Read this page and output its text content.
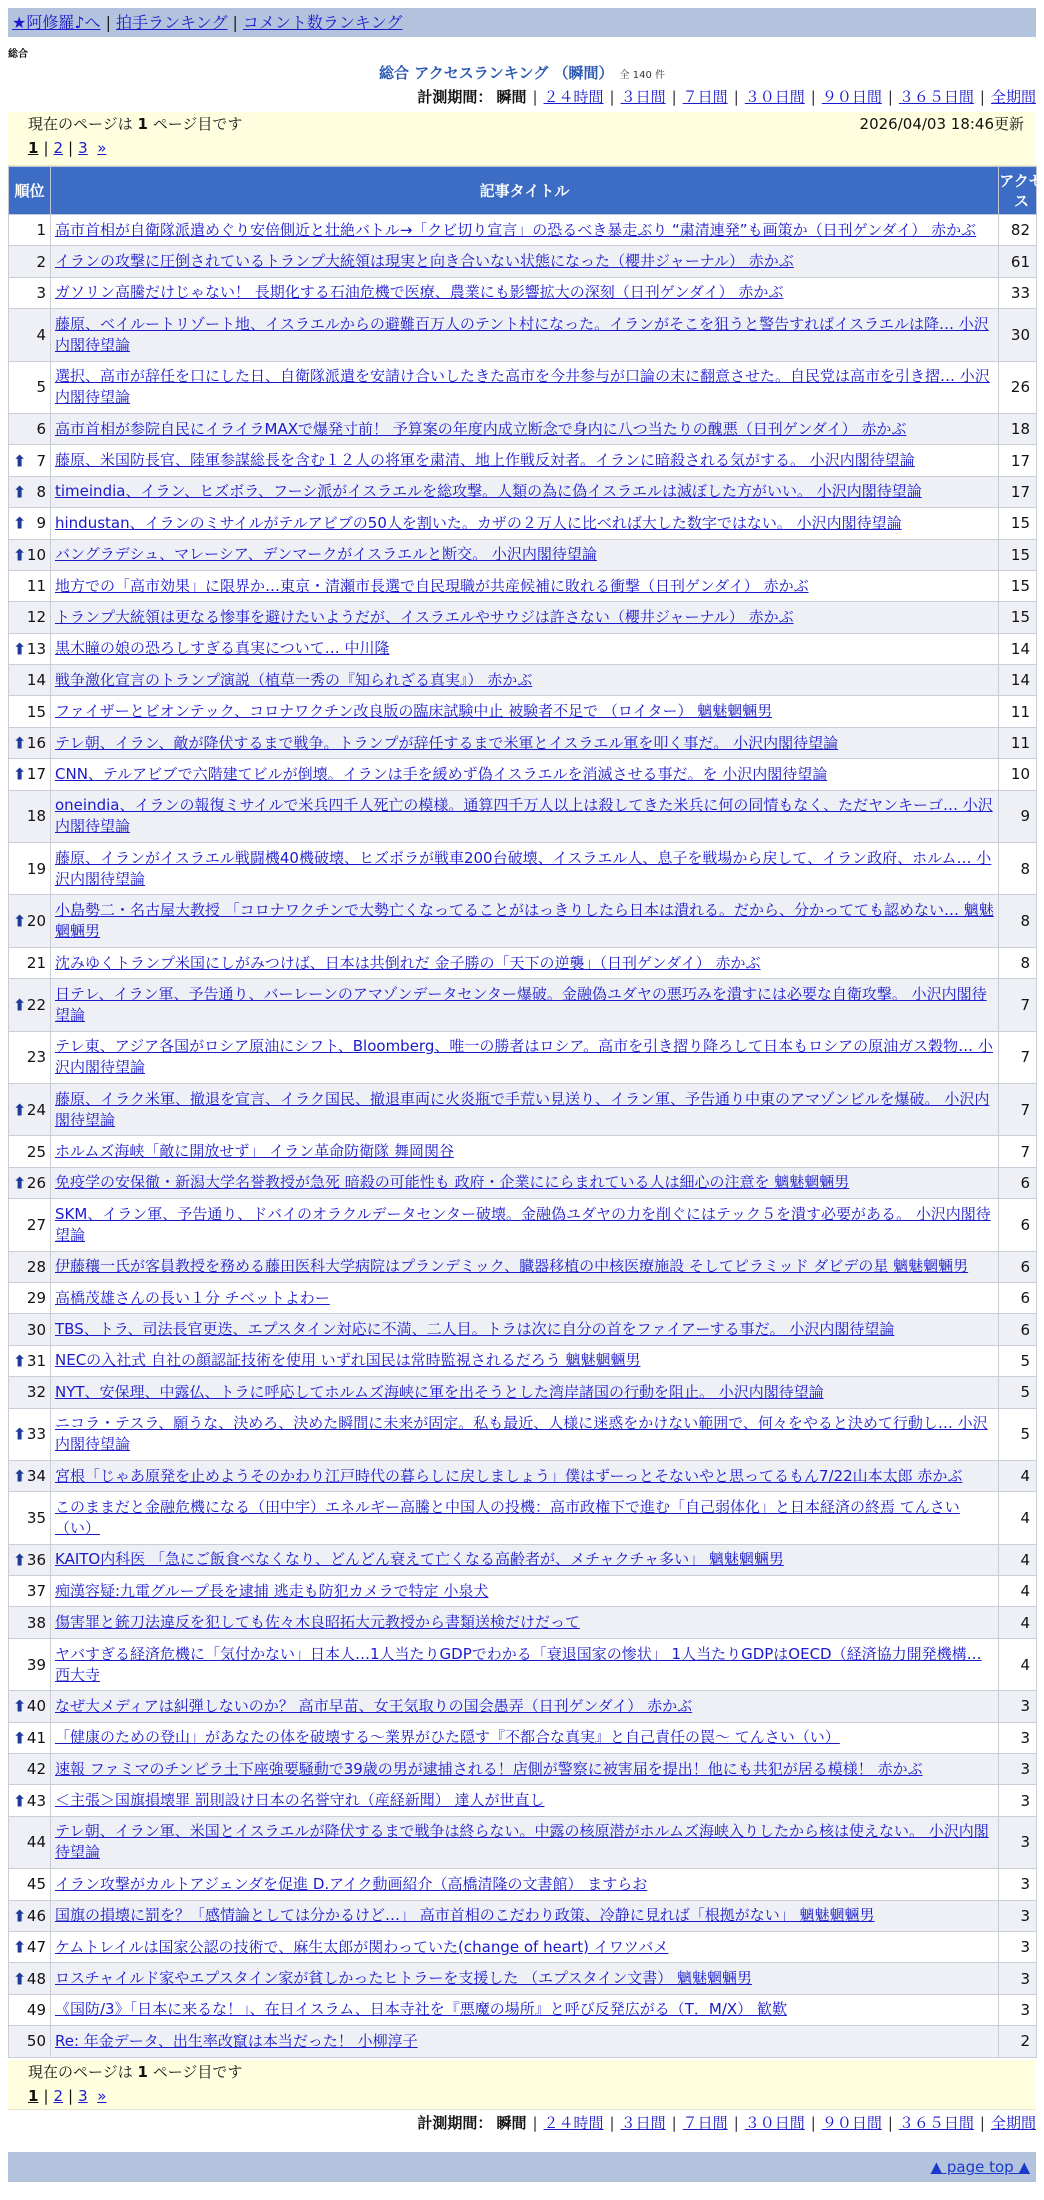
★阿修羅♪へ | 拍手ランキング | コメント数ランキング
総合
総合 アクセスランキング （瞬間） 全 140 件
計測期間： 瞬間 | ２４時間 | ３日間 | ７日間 | ３０日間 | ９０日間 | ３６５日間 | 全期間
現在のページは 1 ページ目です	2026/04/03 18:46更新
1 | 2 | 3 »
順位	記事タイトル	アクセス
1	高市首相が自衛隊派遣めぐり安倍側近と壮絶バトル→「クビ切り宣言」の恐るべき暴走ぶり “粛清連発”も画策か（日刊ゲンダイ） 赤かぶ	82
2	イランの攻撃に圧倒されているトランプ大統領は現実と向き合いない状態になった（櫻井ジャーナル） 赤かぶ	61
3	ガソリン高騰だけじゃない！ 長期化する石油危機で医療、農業にも影響拡大の深刻（日刊ゲンダイ） 赤かぶ	33
4	藤原、ベイルートリゾート地、イスラエルからの避難百万人のテント村になった。イランがそこを狙うと警告すればイスラエルは降… 小沢内閣待望論	30
5	選択、高市が辞任を口にした日、自衛隊派遣を安請け合いしたきた高市を今井参与が口論の末に翻意させた。自民党は高市を引き摺… 小沢内閣待望論	26
6	高市首相が参院自民にイライラMAXで爆発寸前！ 予算案の年度内成立断念で身内に八つ当たりの醜悪（日刊ゲンダイ） 赤かぶ	18

⬆ 7	藤原、米国防長官、陸軍参謀総長を含む１２人の将軍を粛清、地上作戦反対者。イランに暗殺される気がする。 小沢内閣待望論	17

⬆ 8	timeindia、イラン、ヒズボラ、フーシ派がイスラエルを総攻撃。人類の為に偽イスラエルは滅ぼした方がいい。 小沢内閣待望論	17

⬆ 9	hindustan、イランのミサイルがテルアビブの50人を割いた。カザの２万人に比べれば大した数字ではない。 小沢内閣待望論	15

⬆ 10	バングラデシュ、マレーシア、デンマークがイスラエルと断交。 小沢内閣待望論	15
11	地方での「高市効果」に限界か…東京・清瀬市長選で自民現職が共産候補に敗れる衝撃（日刊ゲンダイ） 赤かぶ	15
12	トランプ大統領は更なる惨事を避けたいようだが、イスラエルやサウジは許さない（櫻井ジャーナル） 赤かぶ	15

⬆ 13	黒木瞳の娘の恐ろしすぎる真実について… 中川隆	14
14	戦争激化宣言のトランプ演説（植草一秀の『知られざる真実』） 赤かぶ	14
15	ファイザーとビオンテック、コロナワクチン改良版の臨床試験中止 被験者不足で （ロイター） 魑魅魍魎男	11

⬆ 16	テレ朝、イラン、敵が降伏するまで戦争。トランプが辞任するまで米軍とイスラエル軍を叩く事だ。 小沢内閣待望論	11

⬆ 17	CNN、テルアビブで六階建てビルが倒壊。イランは手を緩めず偽イスラエルを消滅させる事だ。を 小沢内閣待望論	10
18	oneindia、イランの報復ミサイルで米兵四千人死亡の模様。通算四千万人以上は殺してきた米兵に何の同情もなく、ただヤンキーゴ… 小沢内閣待望論	9
19	藤原、イランがイスラエル戦闘機40機破壊、ヒズボラが戦車200台破壊、イスラエル人、息子を戦場から戻して、イラン政府、ホルム… 小沢内閣待望論	8

⬆ 20	小島勢二・名古屋大教授 「コロナワクチンで大勢亡くなってることがはっきりしたら日本は潰れる。だから、分かってても認めない… 魑魅魍魎男	8
21	沈みゆくトランプ米国にしがみつけば、日本は共倒れだ 金子勝の「天下の逆襲」（日刊ゲンダイ） 赤かぶ	8

⬆ 22	日テレ、イラン軍、予告通り、バーレーンのアマゾンデータセンター爆破。金融偽ユダヤの悪巧みを潰すには必要な自衛攻撃。 小沢内閣待望論	7
23	テレ東、アジア各国がロシア原油にシフト、Bloomberg、唯一の勝者はロシア。高市を引き摺り降ろして日本もロシアの原油ガス穀物… 小沢内閣待望論	7

⬆ 24	藤原、イラク米軍、撤退を宣言、イラク国民、撤退車両に火炎瓶で手荒い見送り、イラン軍、予告通り中東のアマゾンビルを爆破。 小沢内閣待望論	7
25	ホルムズ海峡「敵に開放せず」 イラン革命防衛隊 舞岡関谷	7

⬆ 26	免疫学の安保徹・新潟大学名誉教授が急死 暗殺の可能性も 政府・企業ににらまれている人は細心の注意を 魑魅魍魎男	6
27	SKM、イラン軍、予告通り、ドバイのオラクルデータセンター破壊。金融偽ユダヤの力を削ぐにはテック５を潰す必要がある。 小沢内閣待望論	6
28	伊藤穰一氏が客員教授を務める藤田医科大学病院はプランデミック、臓器移植の中核医療施設 そしてピラミッド ダビデの星 魑魅魍魎男	6
29	高橋茂雄さんの長い１分 チベットよわー	6
30	TBS、トラ、司法長官更迭、エプスタイン対応に不満、二人目。トラは次に自分の首をファイアーする事だ。 小沢内閣待望論	6

⬆ 31	NECの入社式 自社の顔認証技術を使用 いずれ国民は常時監視されるだろう 魑魅魍魎男	5
32	NYT、安保理、中露仏、トラに呼応してホルムズ海峡に軍を出そうとした湾岸諸国の行動を阻止。 小沢内閣待望論	5

⬆ 33	ニコラ・テスラ、願うな、決めろ、決めた瞬間に未来が固定。私も最近、人様に迷惑をかけない範囲で、何々をやると決めて行動し… 小沢内閣待望論	5

⬆ 34	宮根「じゃあ原発を止めようそのかわり江戸時代の暮らしに戻しましょう」僕はずーっとそないやと思ってるもん7/22山本太郎 赤かぶ	4
35	このままだと金融危機になる（田中宇）エネルギー高騰と中国人の投機：高市政権下で進む「自己弱体化」と日本経済の終焉 てんさい（い）	4

⬆ 36	KAITO内科医 「急にご飯食べなくなり、どんどん衰えて亡くなる高齢者が、メチャクチャ多い」 魑魅魍魎男	4
37	痴漢容疑:九電グループ長を逮捕 逃走も防犯カメラで特定 小泉犬	4
38	傷害罪と銃刀法違反を犯しても佐々木良昭拓大元教授から書類送検だけだって	4
39	ヤバすぎる経済危機に「気付かない」日本人…1人当たりGDPでわかる「衰退国家の惨状」 1人当たりGDPはOECD（経済協力開発機構… 西大寺	4

⬆ 40	なぜ大メディアは糾弾しないのか？ 高市早苗、女王気取りの国会愚弄（日刊ゲンダイ） 赤かぶ	3

⬆ 41	「健康のための登山」があなたの体を破壊する～業界がひた隠す『不都合な真実』と自己責任の罠～ てんさい（い）	3
42	速報 ファミマのチンピラ土下座強要騒動で39歳の男が逮捕される！店側が警察に被害届を提出！他にも共犯が居る模様！ 赤かぶ	3

⬆ 43	＜主張＞国旗損壊罪 罰則設け日本の名誉守れ（産経新聞） 達人が世直し	3
44	テレ朝、イラン軍、米国とイスラエルが降伏するまで戦争は終らない。中露の核原潜がホルムズ海峡入りしたから核は使えない。 小沢内閣待望論	3
45	イラン攻撃がカルトアジェンダを促進 D.アイク動画紹介（高橋清隆の文書館） ますらお	3

⬆ 46	国旗の損壊に罰を？「感情論としては分かるけど…」 高市首相のこだわり政策、冷静に見れば「根拠がない」 魑魅魍魎男	3

⬆ 47	ケムトレイルは国家公認の技術で、麻生太郎が関わっていた(change of heart) イワツバメ	3

⬆ 48	ロスチャイルド家やエプスタイン家が貧しかったヒトラーを支援した （エプスタイン文書） 魑魅魍魎男	3
49	《国防/3》「日本に来るな！」、在日イスラム、日本寺社を『悪魔の場所』と呼び反発広がる（T．M/X） 歓歎	3
50	Re: 年金データ、出生率改竄は本当だった！ 小柳淳子	2
現在のページは 1 ページ目です
1 | 2 | 3 »
計測期間： 瞬間 | ２４時間 | ３日間 | ７日間 | ３０日間 | ９０日間 | ３６５日間 | 全期間
▲ page top ▲
